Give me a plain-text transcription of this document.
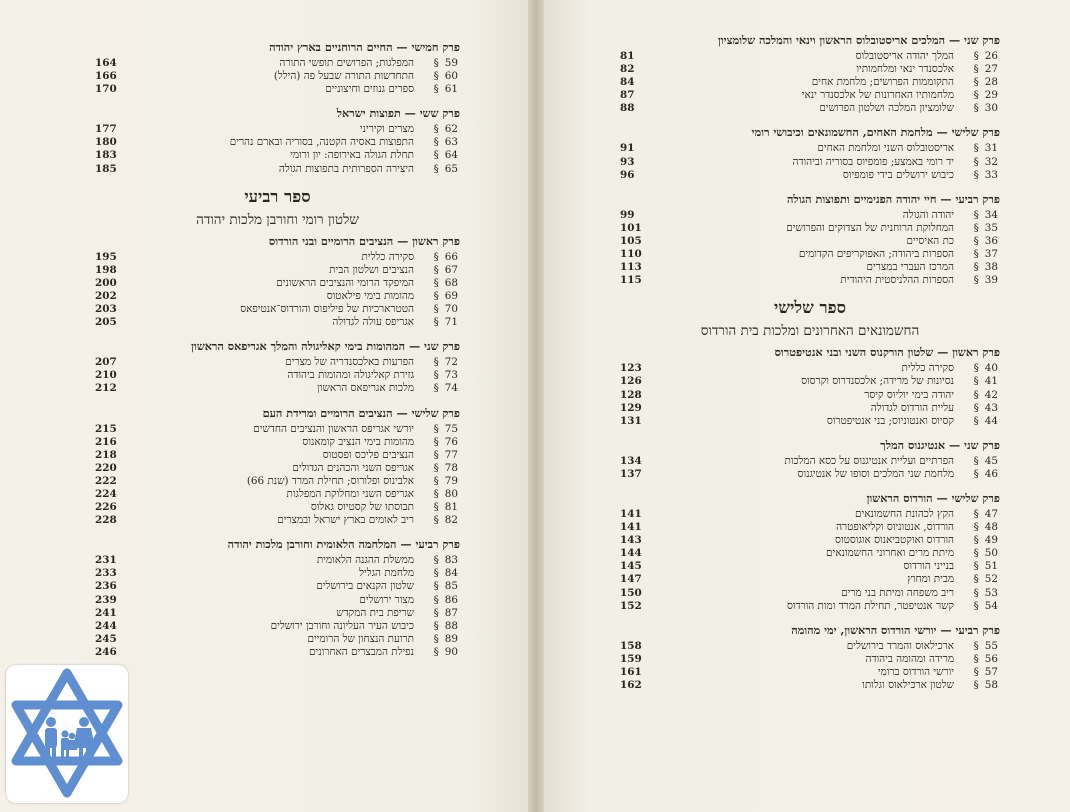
פרק חמישי — החיים הרוחניים בארץ יהודה
59§
המפלגות; הפרושים תופשי התורה
164
60§
התחדשות התורה שבעל פה (הילל)
166
61§
ספרים גנוזים וחיצוניים
170
פרק ששי — תפוצות ישראל
62§
מצרים וקיריני
177
63§
התפוצות באסיה הקטנה, בסוריה ובארם נהרים
180
64§
תחלת הגולה באירופה: יון ורומי
183
65§
היצירה הספרותית בתפוצות הגולה
185
ספר רביעי
שלטון רומי וחורבן מלכות יהודה
פרק ראשון — הנציבים הרומיים ובני הורדוס
66§
סקירה כללית
195
67§
הנציבים ושלטון הבית
198
68§
המיפקד הרומי והנציבים הראשונים
200
69§
מהומות בימי פילאטוס
202
70§
הטטרארכיות של פיליפוס והורדוס־אנטיפאס
203
71§
אגריפס עולה לגדולה
205
פרק שני — המהומות בימי קאליגולה והמלך אגריפאס הראשון
72§
הפרעות באלכסנדריה של מצרים
207
73§
גזירת קאליגולה ומהומות ביהודה
210
74§
מלכות אגריפאס הראשון
212
פרק שלישי — הנציבים הרומיים ומרידת העם
75§
יורשי אגריפס הראשון והנציבים החדשים
215
76§
מהומות בימי הנציב קומאנוס
216
77§
הנציבים פליכס ופסטוס
218
78§
אגריפס השני והכהנים הגדולים
220
79§
אלבינוס ופלורוס; תחילת המרד (שנת 66)
222
80§
אגריפס השני ומחלוקת המפלגות
224
81§
תבוסתו של קסטיוס גאלוס
226
82§
ריב לאומים בארץ ישראל ובמצרים
228
פרק רביעי — המלחמה הלאומית וחורבן מלכות יהודה
83§
ממשלת ההגנה הלאומית
231
84§
מלחמת הגליל
233
85§
שלטון הקנאים בירושלים
236
86§
מצור ירושלים
239
87§
שריפת בית המקדש
241
88§
כיבוש העיר העליונה וחורבן ירושלים
244
89§
תרועת הנצחון של הרומיים
245
90§
נפילת המבצרים האחרונים
246
פרק שני — המלכים אריסטובלוס הראשון וינאי והמלכה שלומציון
26§
המלך יהודה אריסטובלוס
81
27§
אלכסנדר ינאי ומלחמותיו
82
28§
התקוממות הפרושים; מלחמת אחים
84
29§
מלחמותיו האחרונות של אלכסנדר ינאי
87
30§
שלומציון המלכה ושלטון הפרושים
88
פרק שלישי — מלחמת האחים, החשמונאים וכיבושי רומי
31§
אריסטובלוס השני ומלחמת האחים
91
32§
יד רומי באמצע; פומפיוס בסוריה וביהודה
93
33§
כיבוש ירושלים בידי פומפיוס
96
פרק רביעי — חיי יהודה הפנימיים ותפוצות הגולה
34§
יהודה והגולה
99
35§
המחלוקת הרוחנית של הצדוקים והפרושים
101
36§
כת האיסיים
105
37§
הספרות ביהודה; האפוקריפים הקדומים
110
38§
המרכז העברי במצרים
113
39§
הספרות ההלניסטית היהודית
115
ספר שלישי
החשמונאים האחרונים ומלכות בית הורדוס
פרק ראשון — שלטון הורקנוס השני ובני אנטיפטרוס
40§
סקירה כללית
123
41§
נסיונות של מרידה; אלכסנדרוס וקרסוס
126
42§
יהודה בימי יוליוס קיסר
128
43§
עליית הורדוס לגדולה
129
44§
קסיוס ואנטוניוס; בני אנטיפטרוס
131
פרק שני — אנטיגנוס המלך
45§
הפרתיים ועליית אנטיגנוס על כסא המלכות
134
46§
מלחמת שני המלכים וסופו של אנטיגנוס
137
פרק שלישי — הורדוס הראשון
47§
הקץ לכהונת החשמונאים
141
48§
הורדוס, אנטוניוס וקליאופטרה
141
49§
הורדוס ואוקטביאנוס אוגוסטוס
143
50§
מיתת מרים ואחרוני החשמונאים
144
51§
בנייני הורדוס
145
52§
מבית ומחוץ
147
53§
ריב משפחה ומיתת בני מרים
150
54§
קשר אנטיפטר, תחילת המרד ומות הורדוס
152
פרק רביעי — יורשי הורדוס הראשון, ימי מהומה
55§
ארכילאוס והמרד בירושלים
158
56§
מרידה ומהומה ביהודה
159
57§
יורשי הורדוס ברומי
161
58§
שלטון ארכילאוס וגלותו
162
